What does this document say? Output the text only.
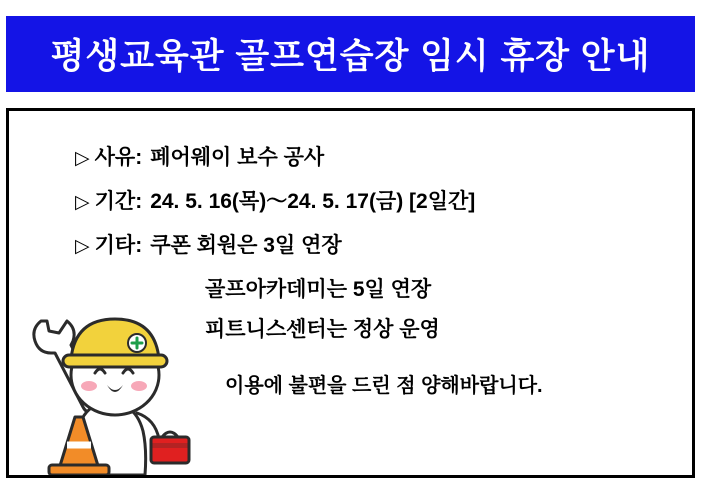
평생교육관 골프연습장 임시 휴장 안내
▷ 사유: 페어웨이 보수 공사
▷ 기간: 24. 5. 16(목)〜24. 5. 17(금) [2일간]
▷ 기타: 쿠폰 회원은 3일 연장
골프아카데미는 5일 연장
피트니스센터는 정상 운영
이용에 불편을 드린 점 양해바랍니다.
